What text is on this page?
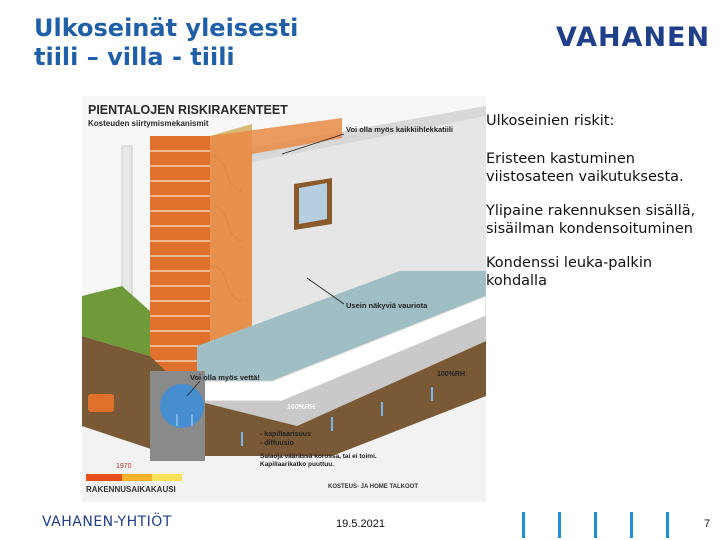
Ulkoseinät yleisesti
tiili – villa - tiili
VAHANEN
PIENTALOJEN RISKIRAKENTEET
Kosteuden siirtymismekanismit
Voi olla myös kaikkiihlekkatiili
Usein näkyviä vauriota
Voi olla myös vettä!	100%RH
100%RH
- kapillaarisuus - diffuusio
Salaoja väärässä korossa, tai ei toimi. Kapillaarikatko puuttuu.
1970
RAKENNUSAIKAKAUSI	KOSTEUS- JA HOME TALKOOT

Ulkoseinien riskit:

Eristeen kastuminen viistosateen vaikutuksesta.

Ylipaine rakennuksen sisällä, sisäilman kondensoituminen

Kondenssi leuka-palkin kohdalla

VAHANEN-YHTIÖT	19.5.2021	7
